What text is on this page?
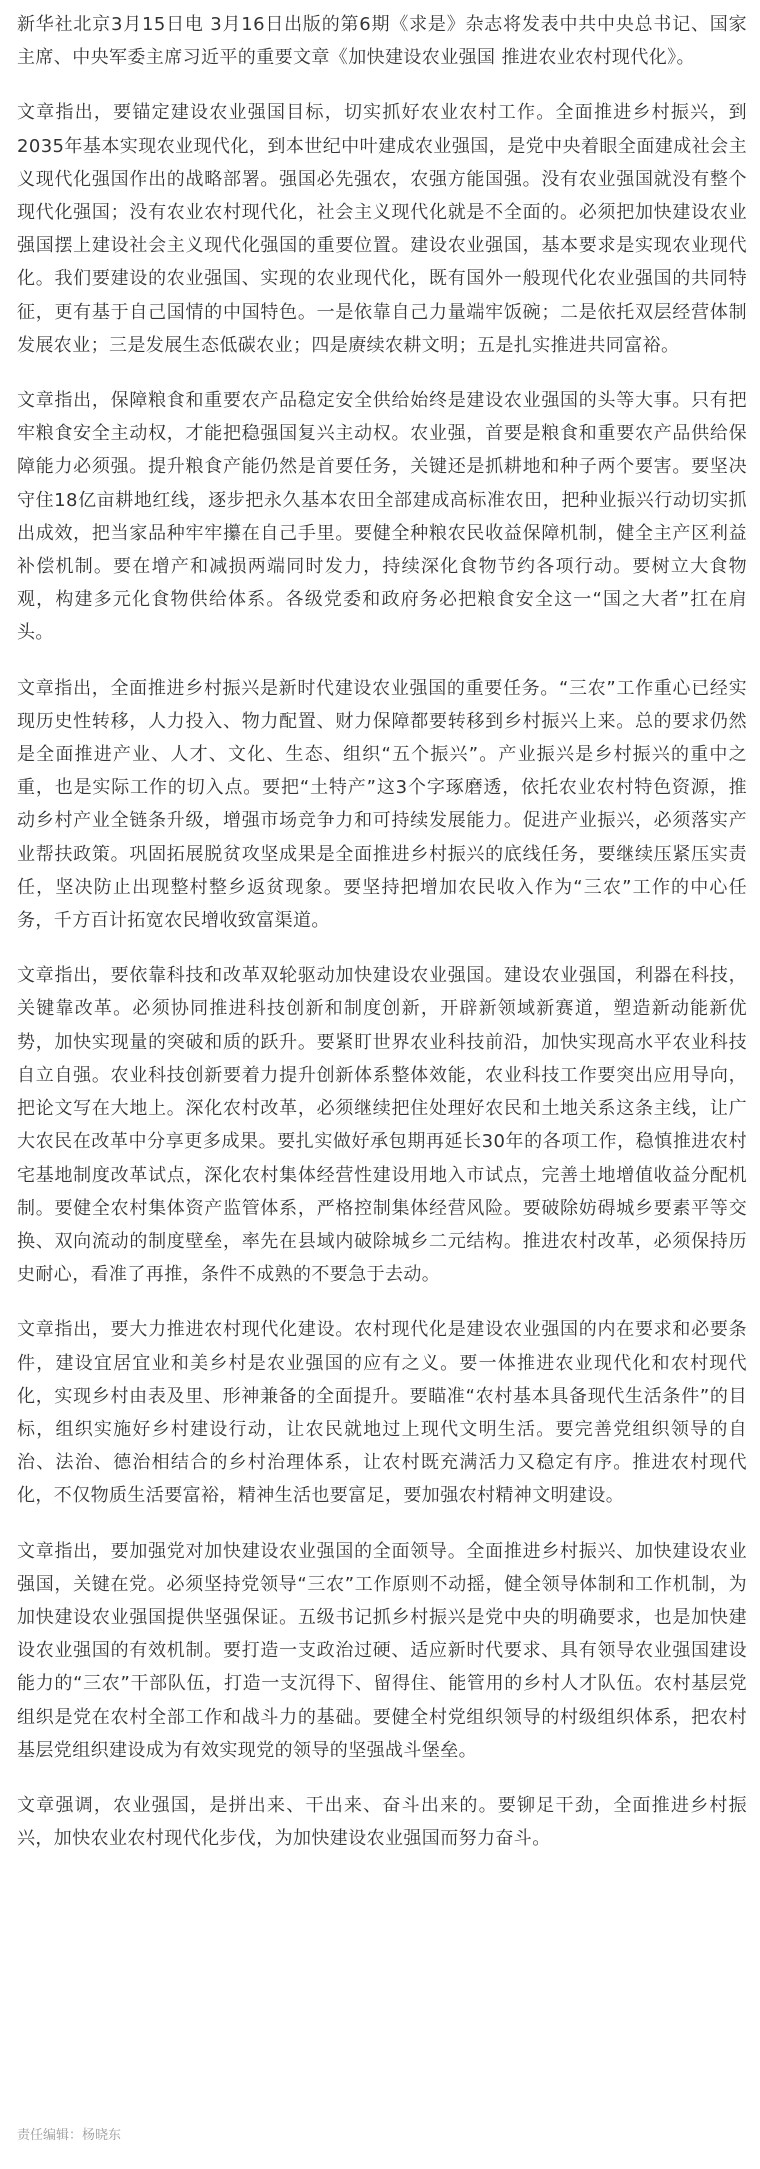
新华社北京3月15日电 3月16日出版的第6期《求是》杂志将发表中共中央总书记、国家主席、中央军委主席习近平的重要文章《加快建设农业强国 推进农业农村现代化》。

文章指出，要锚定建设农业强国目标，切实抓好农业农村工作。全面推进乡村振兴，到2035年基本实现农业现代化，到本世纪中叶建成农业强国，是党中央着眼全面建成社会主义现代化强国作出的战略部署。强国必先强农，农强方能国强。没有农业强国就没有整个现代化强国；没有农业农村现代化，社会主义现代化就是不全面的。必须把加快建设农业强国摆上建设社会主义现代化强国的重要位置。建设农业强国，基本要求是实现农业现代化。我们要建设的农业强国、实现的农业现代化，既有国外一般现代化农业强国的共同特征，更有基于自己国情的中国特色。一是依靠自己力量端牢饭碗；二是依托双层经营体制发展农业；三是发展生态低碳农业；四是赓续农耕文明；五是扎实推进共同富裕。

文章指出，保障粮食和重要农产品稳定安全供给始终是建设农业强国的头等大事。只有把牢粮食安全主动权，才能把稳强国复兴主动权。农业强，首要是粮食和重要农产品供给保障能力必须强。提升粮食产能仍然是首要任务，关键还是抓耕地和种子两个要害。要坚决守住18亿亩耕地红线，逐步把永久基本农田全部建成高标准农田，把种业振兴行动切实抓出成效，把当家品种牢牢攥在自己手里。要健全种粮农民收益保障机制，健全主产区利益补偿机制。要在增产和减损两端同时发力，持续深化食物节约各项行动。要树立大食物观，构建多元化食物供给体系。各级党委和政府务必把粮食安全这一“国之大者”扛在肩头。

文章指出，全面推进乡村振兴是新时代建设农业强国的重要任务。“三农”工作重心已经实现历史性转移，人力投入、物力配置、财力保障都要转移到乡村振兴上来。总的要求仍然是全面推进产业、人才、文化、生态、组织“五个振兴”。产业振兴是乡村振兴的重中之重，也是实际工作的切入点。要把“土特产”这3个字琢磨透，依托农业农村特色资源，推动乡村产业全链条升级，增强市场竞争力和可持续发展能力。促进产业振兴，必须落实产业帮扶政策。巩固拓展脱贫攻坚成果是全面推进乡村振兴的底线任务，要继续压紧压实责任，坚决防止出现整村整乡返贫现象。要坚持把增加农民收入作为“三农”工作的中心任务，千方百计拓宽农民增收致富渠道。

文章指出，要依靠科技和改革双轮驱动加快建设农业强国。建设农业强国，利器在科技，关键靠改革。必须协同推进科技创新和制度创新，开辟新领域新赛道，塑造新动能新优势，加快实现量的突破和质的跃升。要紧盯世界农业科技前沿，加快实现高水平农业科技自立自强。农业科技创新要着力提升创新体系整体效能，农业科技工作要突出应用导向，把论文写在大地上。深化农村改革，必须继续把住处理好农民和土地关系这条主线，让广大农民在改革中分享更多成果。要扎实做好承包期再延长30年的各项工作，稳慎推进农村宅基地制度改革试点，深化农村集体经营性建设用地入市试点，完善土地增值收益分配机制。要健全农村集体资产监管体系，严格控制集体经营风险。要破除妨碍城乡要素平等交换、双向流动的制度壁垒，率先在县域内破除城乡二元结构。推进农村改革，必须保持历史耐心，看准了再推，条件不成熟的不要急于去动。

文章指出，要大力推进农村现代化建设。农村现代化是建设农业强国的内在要求和必要条件，建设宜居宜业和美乡村是农业强国的应有之义。要一体推进农业现代化和农村现代化，实现乡村由表及里、形神兼备的全面提升。要瞄准“农村基本具备现代生活条件”的目标，组织实施好乡村建设行动，让农民就地过上现代文明生活。要完善党组织领导的自治、法治、德治相结合的乡村治理体系，让农村既充满活力又稳定有序。推进农村现代化，不仅物质生活要富裕，精神生活也要富足，要加强农村精神文明建设。

文章指出，要加强党对加快建设农业强国的全面领导。全面推进乡村振兴、加快建设农业强国，关键在党。必须坚持党领导“三农”工作原则不动摇，健全领导体制和工作机制，为加快建设农业强国提供坚强保证。五级书记抓乡村振兴是党中央的明确要求，也是加快建设农业强国的有效机制。要打造一支政治过硬、适应新时代要求、具有领导农业强国建设能力的“三农”干部队伍，打造一支沉得下、留得住、能管用的乡村人才队伍。农村基层党组织是党在农村全部工作和战斗力的基础。要健全村党组织领导的村级组织体系，把农村基层党组织建设成为有效实现党的领导的坚强战斗堡垒。

文章强调，农业强国，是拼出来、干出来、奋斗出来的。要铆足干劲，全面推进乡村振兴，加快农业农村现代化步伐，为加快建设农业强国而努力奋斗。

责任编辑：杨晓东
